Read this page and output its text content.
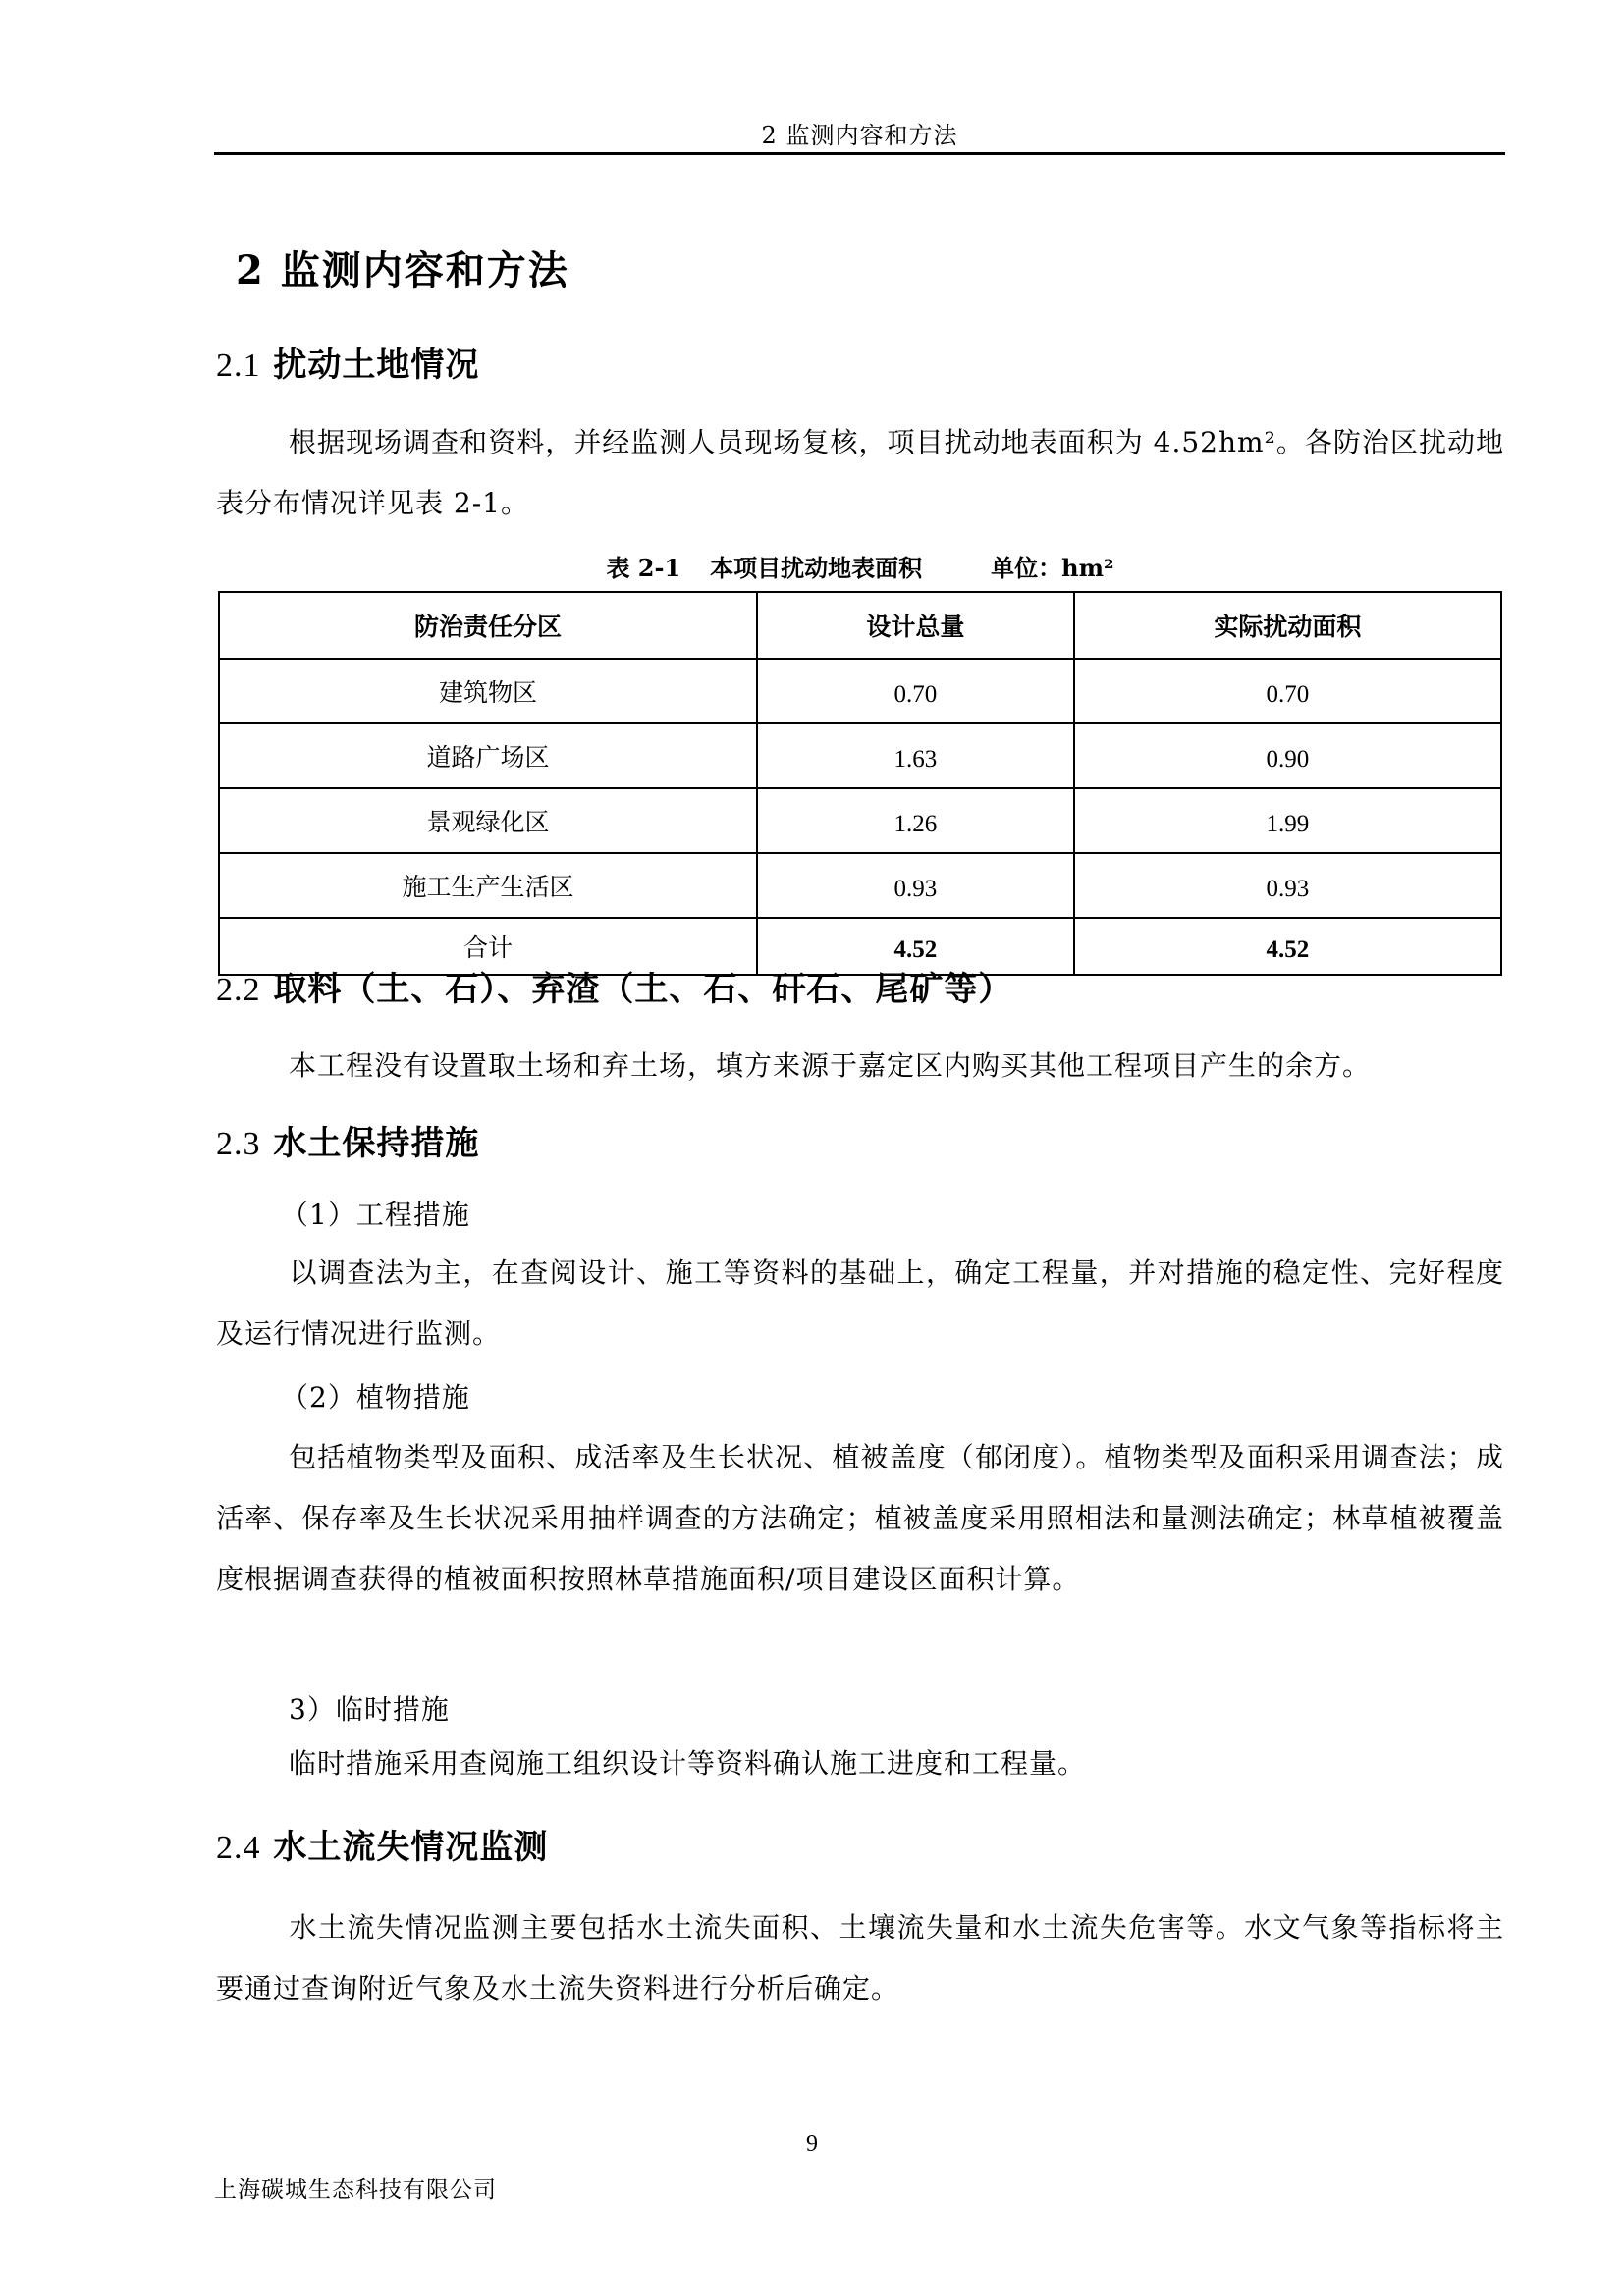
2 监测内容和方法
2 监测内容和方法
2.1 扰动土地情况
根据现场调查和资料，并经监测人员现场复核，项目扰动地表面积为 4.52hm²。各防治区扰动地表分布情况详见表 2-1。
表 2-1 本项目扰动地表面积	单位：hm²
防治责任分区	设计总量	实际扰动面积
建筑物区	0.70	0.70
道路广场区	1.63	0.90
景观绿化区	1.26	1.99
施工生产生活区	0.93	0.93
合计	4.52	4.52
2.2 取料（土、石）、弃渣（土、石、矸石、尾矿等）
本工程没有设置取土场和弃土场，填方来源于嘉定区内购买其他工程项目产生的余方。
2.3 水土保持措施
（1）工程措施
以调查法为主，在查阅设计、施工等资料的基础上，确定工程量，并对措施的稳定性、完好程度及运行情况进行监测。
（2）植物措施
包括植物类型及面积、成活率及生长状况、植被盖度（郁闭度）。植物类型及面积采用调查法；成活率、保存率及生长状况采用抽样调查的方法确定；植被盖度采用照相法和量测法确定；林草植被覆盖度根据调查获得的植被面积按照林草措施面积/项目建设区面积计算。
3）临时措施
临时措施采用查阅施工组织设计等资料确认施工进度和工程量。
2.4 水土流失情况监测
水土流失情况监测主要包括水土流失面积、土壤流失量和水土流失危害等。水文气象等指标将主要通过查询附近气象及水土流失资料进行分析后确定。
9
上海碳城生态科技有限公司
